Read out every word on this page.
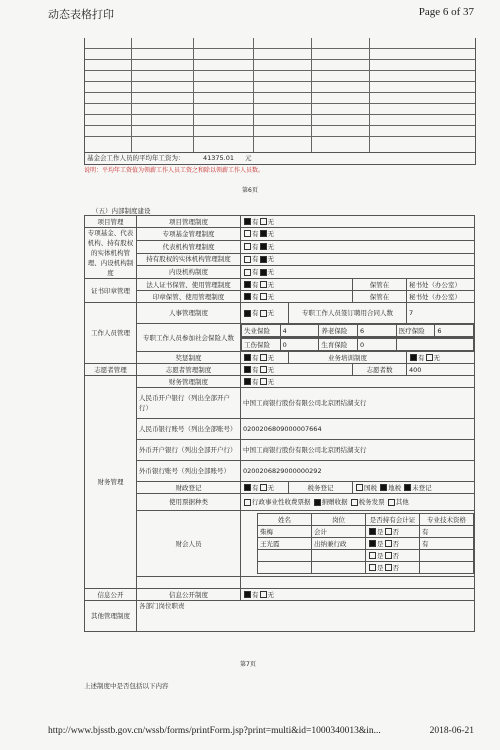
动态表格打印	Page 6 of 37
基金会工作人员的平均年工资为：	41375.01 元
说明：平均年工资值为领薪工作人员工资之和除以领薪工作人员数。
第6页
（五）内部制度建设
项目管理	项目管理制度	有 无
专项基金、代表机构、持有股权的实体机构管理、内设机构制度	专项基金管理制度	有 无
代表机构管理制度	有 无
持有股权的实体机构管理制度	有 无
内设机构制度	有 无
证书印章管理	法人证书保管、使用管理制度	有 无	保管在	秘书处（办公室）
印章保管、使用管理制度	有 无	保管在	秘书处（办公室）
工作人员管理	人事管理制度	有 无	专职工作人员签订聘用合同人数	7
专职工作人员参加社会保险人数	
失业保险	4	养老保险	6	医疗保险	6

工伤保险	0	生育保险	0	

奖惩制度	有 无	业务培训制度	有 无
志愿者管理	志愿者管理制度	有 无	志愿者数	400
财务管理	财务管理制度	有 无
人民币开户银行（列出全部开户行）	中国工商银行股份有限公司北京团结湖支行
人民币银行账号（列出全部账号）	0200206809000007664
外币开户银行（列出全部开户行）	中国工商银行股份有限公司北京团结湖支行
外币银行账号（列出全部账号）	0200206829000000292
财政登记	有 无	税务登记	国税 地税 未登记
使用票据种类	行政事业性收费票据 捐赠收据 税务发票 其他
财会人员	
姓名	岗位	是否持有会计证	专业技术资格
柴梅	会计	是 否	有
王光霞	出纳兼行政	是 否	有
		是 否	
		是 否	

信息公开	信息公开制度	有 无
其他管理制度	各部门岗位职责
第7页
上述制度中是否包括以下内容
http://www.bjsstb.gov.cn/wssb/forms/printForm.jsp?print=multi&id=1000340013&in...	2018-06-21
